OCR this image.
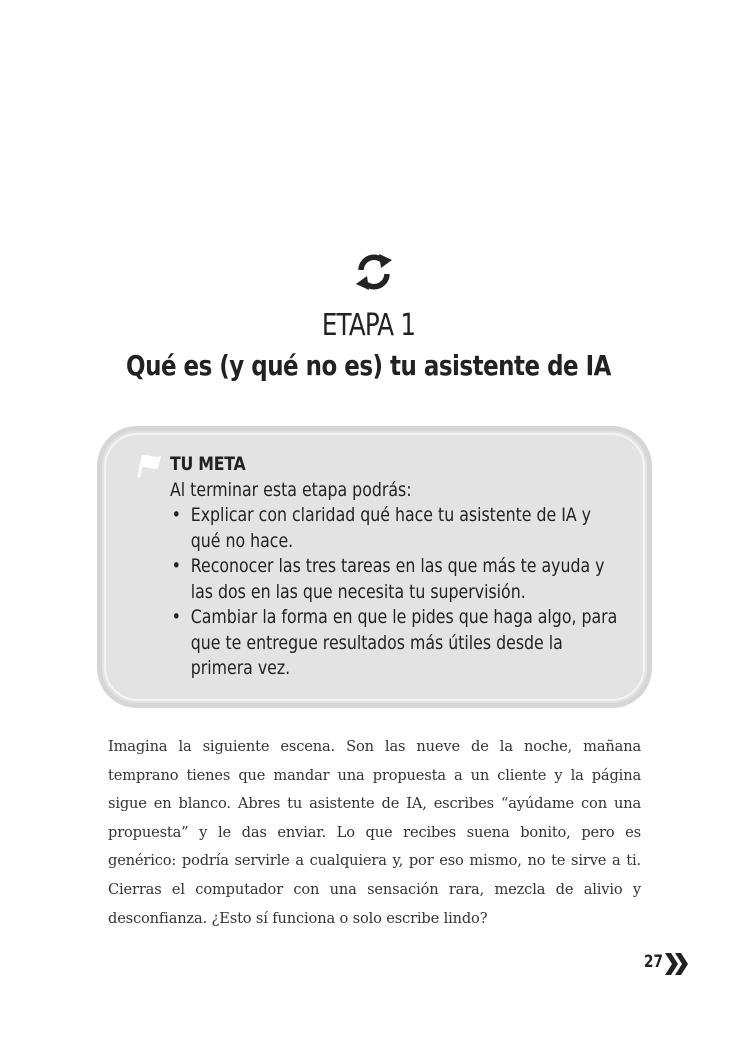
ETAPA 1
Qué es (y qué no es) tu asistente de IA
TU META
Al terminar esta etapa podrás:
• Explicar con claridad qué hace tu asistente de IA y qué no hace.
• Reconocer las tres tareas en las que más te ayuda y las dos en las que necesita tu supervisión.
• Cambiar la forma en que le pides que haga algo, para que te entregue resultados más útiles desde la primera vez.

Imagina la siguiente escena. Son las nueve de la noche, mañana temprano tienes que mandar una propuesta a un cliente y la página sigue en blanco. Abres tu asistente de IA, escribes “ayúdame con una propuesta” y le das enviar. Lo que recibes suena bonito, pero es genérico: podría servirle a cualquiera y, por eso mismo, no te sirve a ti. Cierras el computador con una sensación rara, mezcla de alivio y desconfianza. ¿Esto sí funciona o solo escribe lindo?

27
